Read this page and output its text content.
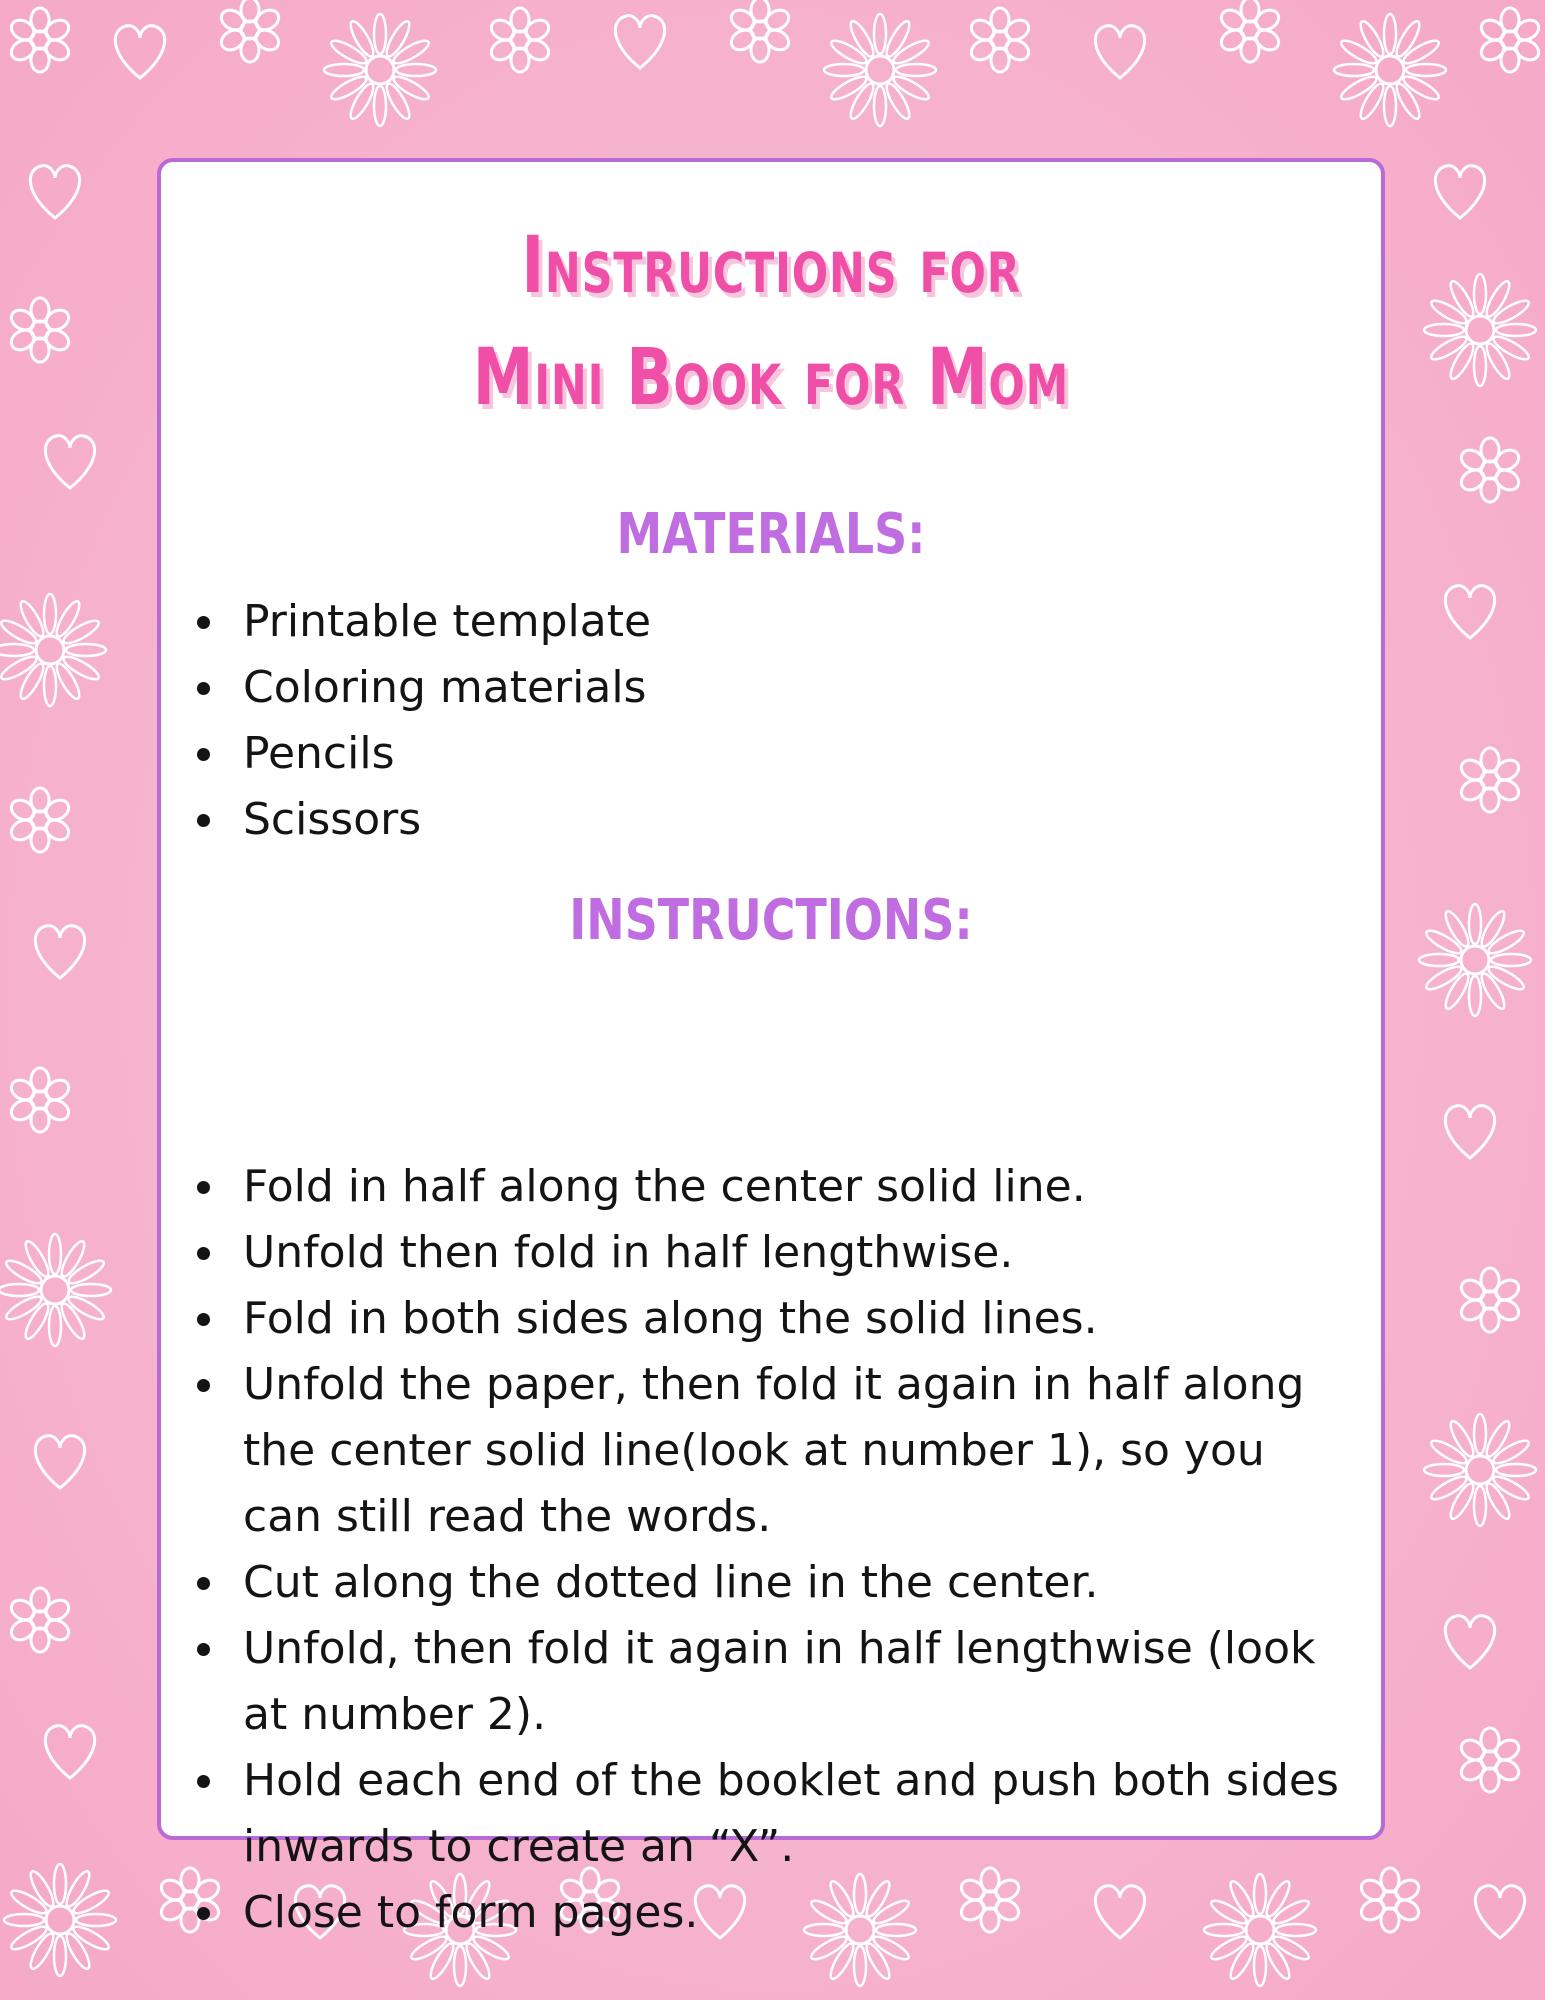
Instructions for
Mini Book for Mom
MATERIALS:
Printable template
Coloring materials
Pencils
Scissors
INSTRUCTIONS:
Fold in half along the center solid line.
Unfold then fold in half lengthwise.
Fold in both sides along the solid lines.
Unfold the paper, then fold it again in half along the center solid line(look at number 1), so you can still read the words.
Cut along the dotted line in the center.
Unfold, then fold it again in half lengthwise (look at number 2).
Hold each end of the booklet and push both sides inwards to create an “X”.
Close to form pages.
